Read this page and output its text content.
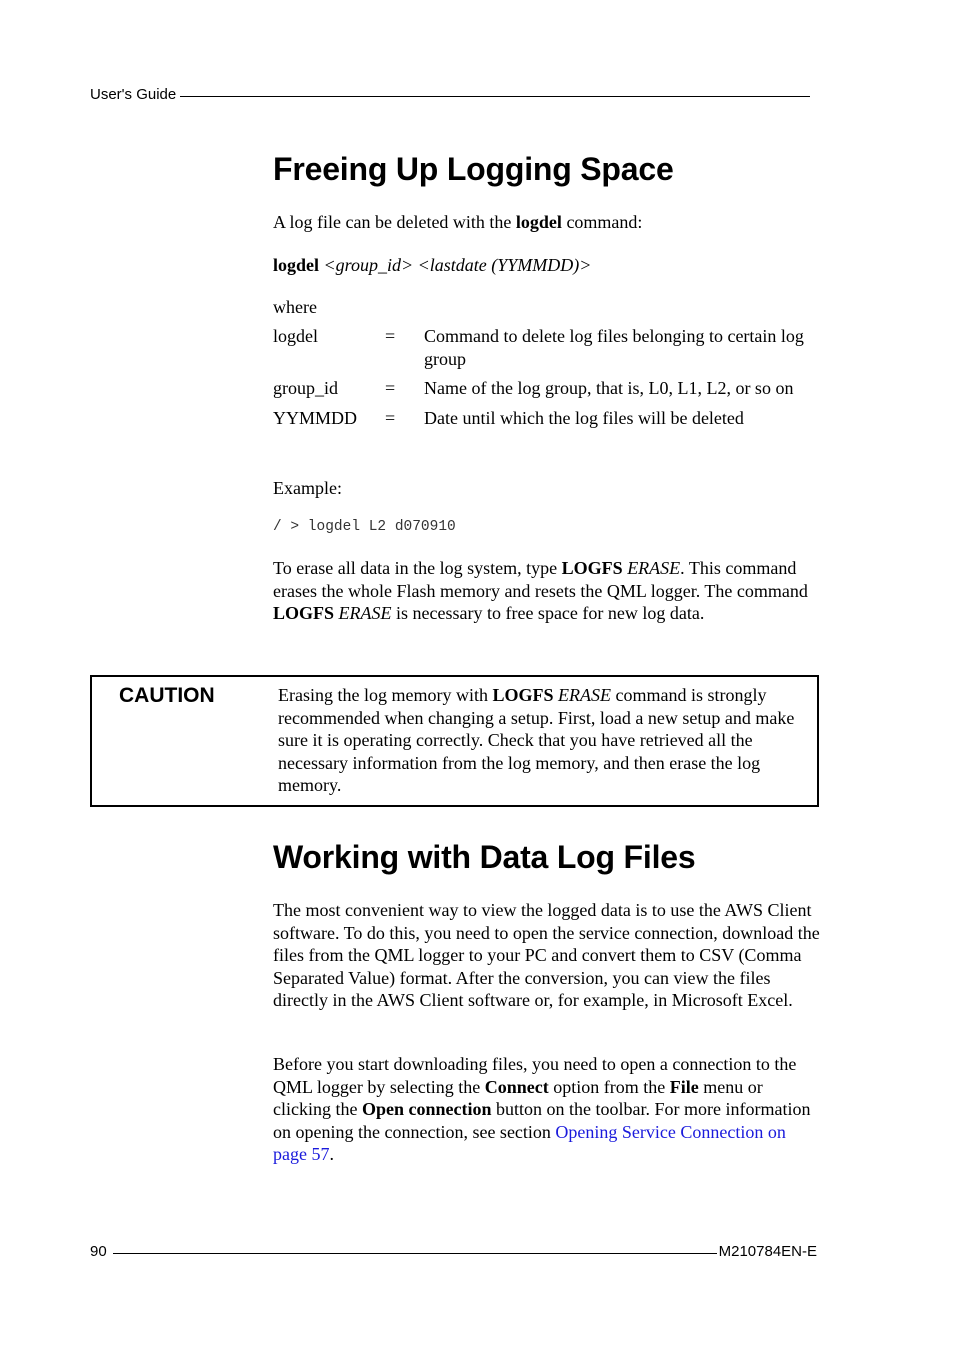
User's Guide
Freeing Up Logging Space

A log file can be deleted with the logdel command:

logdel <group_id> <lastdate (YYMMDD)>

where

logdel	=	Command to delete log files belonging to certain log group
group_id	=	Name of the log group, that is, L0, L1, L2, or so on
YYMMDD	=	Date until which the log files will be deleted

Example:

/ > logdel L2 d070910

To erase all data in the log system, type LOGFS ERASE. This command erases the whole Flash memory and resets the QML logger. The command LOGFS ERASE is necessary to free space for new log data.

CAUTION	Erasing the log memory with LOGFS ERASE command is strongly recommended when changing a setup. First, load a new setup and make sure it is operating correctly. Check that you have retrieved all the necessary information from the log memory, and then erase the log memory.
Working with Data Log Files

The most convenient way to view the logged data is to use the AWS Client software. To do this, you need to open the service connection, download the files from the QML logger to your PC and convert them to CSV (Comma Separated Value) format. After the conversion, you can view the files directly in the AWS Client software or, for example, in Microsoft Excel.

Before you start downloading files, you need to open a connection to the QML logger by selecting the Connect option from the File menu or clicking the Open connection button on the toolbar. For more information on opening the connection, see section Opening Service Connection on page 57.

90	M210784EN-E
